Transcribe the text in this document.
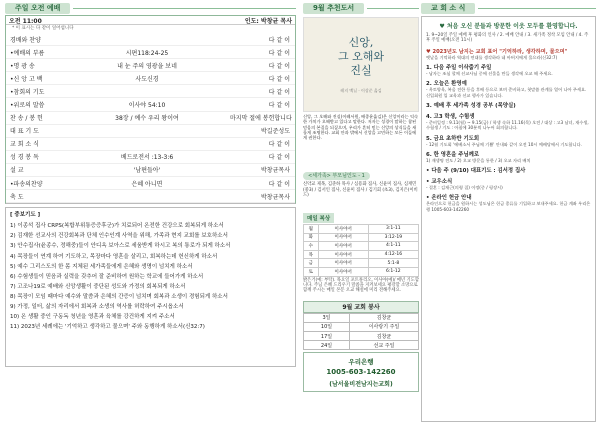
주일 오전 예배
오전 11:00	인도: 박창균 목사
* 이 표시는 다 같이 일어섭니다
경배와 찬양	다 같 이
•예배의 부름	시편118:24-25	다 같 이
•명 광 송	내 눈 주의 영광을 보네	다 같 이
•신 앙 고 백	사도신경	다 같 이
•참회의 기도	다 같 이
•위로의 말씀	이사야 54:10	다 같 이
찬 송 / 봉 헌	38장 / 예수 우리 왕이여	마지막 절에 봉헌합니다
대 표 기 도	박길준성도
교 회 소 식	다 같 이
성 경 봉 독	베드로전서 :13-3:6	다 같 이
설 교	'남편들아'	박창균목사
•파송의찬양	은혜 아니면	다 같 이
축 도	박창균목사
[ 중보기도 ]
1) 이종석 집사 CRPS(복합부위통증증후군)가 치료되어 온전한 건강으로 회복되게 하소서
2) 김재한 선교사의 건강회복과 단체 인수인계 사역을 위해, 가족과 현지 교회를 보호하소서
3) 안수집사(윤종수, 정해중)들이 안디옥 보아스로 세움받게 하시고 복의 통로가 되게 하소서
4) 목장들이 연계 하여 기도하고, 목장마다 영혼을 살리고, 회복하는데 헌신하게 하소서
5) 예수 그리스도의 한 몸 지체된 세가족들에게 은혜와 생명이 넘치게 하소서
6) 수험생들이 믿음과 실력을 갖추어 잘 준비하여 원하는 학교에 들어가게 하소서
7) 고조나19로 예배와 신앙생활이 중단된 성도와 가정의 회복되게 하소서
8) 목장이 모임 때마다 예수와 말씀과 은혜의 간증이 넘치며 회복과 소생이 경험되게 하소서
9) 가정, 일터, 삶의 자리에서 회복과 소생의 역사를 허락하여 주시옵소서
10) 온 생활 중인 구동독 청년을 영혼과 육체를 강건하게 지켜 주소서
11) 2023년 세례에는 '기억하고 생각하고 물으며' 주와 동행하게 하소서(신32:7)
9월 추천도서
신앙,
그 오해와
진실
레지 맥닐 · 이상준 옮김
신앙, 그 오해와 진실(이레서원, 배종윤옮김)은 신앙이라는 익숙한 가치가 오해받고 있다고 말한다. 저자는 성경이 말하는 참된 믿음의 본질을 되짚으며, 우리가 흔히 믿는 신앙의 상식들을 새롭게 조명한다. 교회 안과 밖에서 신앙을 고민하는 모든 이들에게 권한다.
<세가족> 부모님인도 - 1
신약교 제목, 김준하 목사 / 심용화 집사, 신윤미 집사, 심재민(중3) / 김서인 집사, 신윤미 집사 / 김기회 (초3), 김지은(이비드)
매일 복상
월	이사야서	3:1-11
화	이사야서	3:12-19
수	이사야서	4:1-11
목	이사야서	4:12-16
금	이사야서	5:1-8
토	이사야서	6:1-12
밝은거(예: 부탁). 목요일 포트폴리오, 이사야(예)/ 매년 기도합니다. 주님 은혜 드리우기 말씀을 지켜보세요 평강할 소망으로 함께 주시는 매일 본문 오교 해설에 미리 전해주세요.
9월 교회 봉사
3일	김창균
10일	이사랑기 주일
17일	김창균
24일	선교 주일
우리은행
1005-603-142260
(남서울비전남지는교회)
교 회 소 식
♥ 처음 오신 분들과 방문한 이웃 모두를 환영합니다.
1. 9~20일 주일 예배 후 평화의 인사 / 2. 예배 안내 / 3. 새가족 정착 모임 안내 / 4. 주 후 주일 예배(오전 11시)
♥ 2023년도 남지는 교회 표어 "기억하라, 생각하며, 물으며"
옛날을 기억하라 역대의 연대를 생각하라 네 아버지에게 물으라(신32:7)
1. 다음 주일 이삭줍기 주일
- 남자는 조심 할께 선교사님 중에 선물을 만들 생각에 오교 해 주세요.
2. 오늘은 환영예
- 옥토양육, 복음 전한 등을 후배 등으로 보며 준비하고, 첫말씀 관계를 열어 나아 주세요. 신입회원 입 교육과 선교 행사가 있습니다.
3. 예배 후 세가족 성경 공부 (목양실)
4. 고3 학생, 수험생
- 준비일정 : 9.11(월) ~ 9.15(금) / 학생 속하 11.16(목) 오전 / 대상 : 고3 남녀, 재수생, 수험생 / 기도 : 아침에 30분씩 나누어 회의합니다.
5. 금요 초하반 기도회
- 12월 기도회 '에베소서 주님께 기쁨' 안내와 같이 오전 10시 예배당에서 기도합니다.
6. 한 영혼을 주님께로
1) 재생명 전도 / 2) 오교 방문을 통한 / 3) 오교 자리 배치
• 다음 주 (9/10) 대표기도 : 김서정 집사
• 교우소식
- 결혼 : 김재근(의령 집) 이정(중 / 평장시)
• 온라인 헌금 안내
온라인으로 헌금을 원하시는 성도님은 헌금 종류를 기입하고 보내주세요. 헌금 계좌 우리은행 1005-603-142260
